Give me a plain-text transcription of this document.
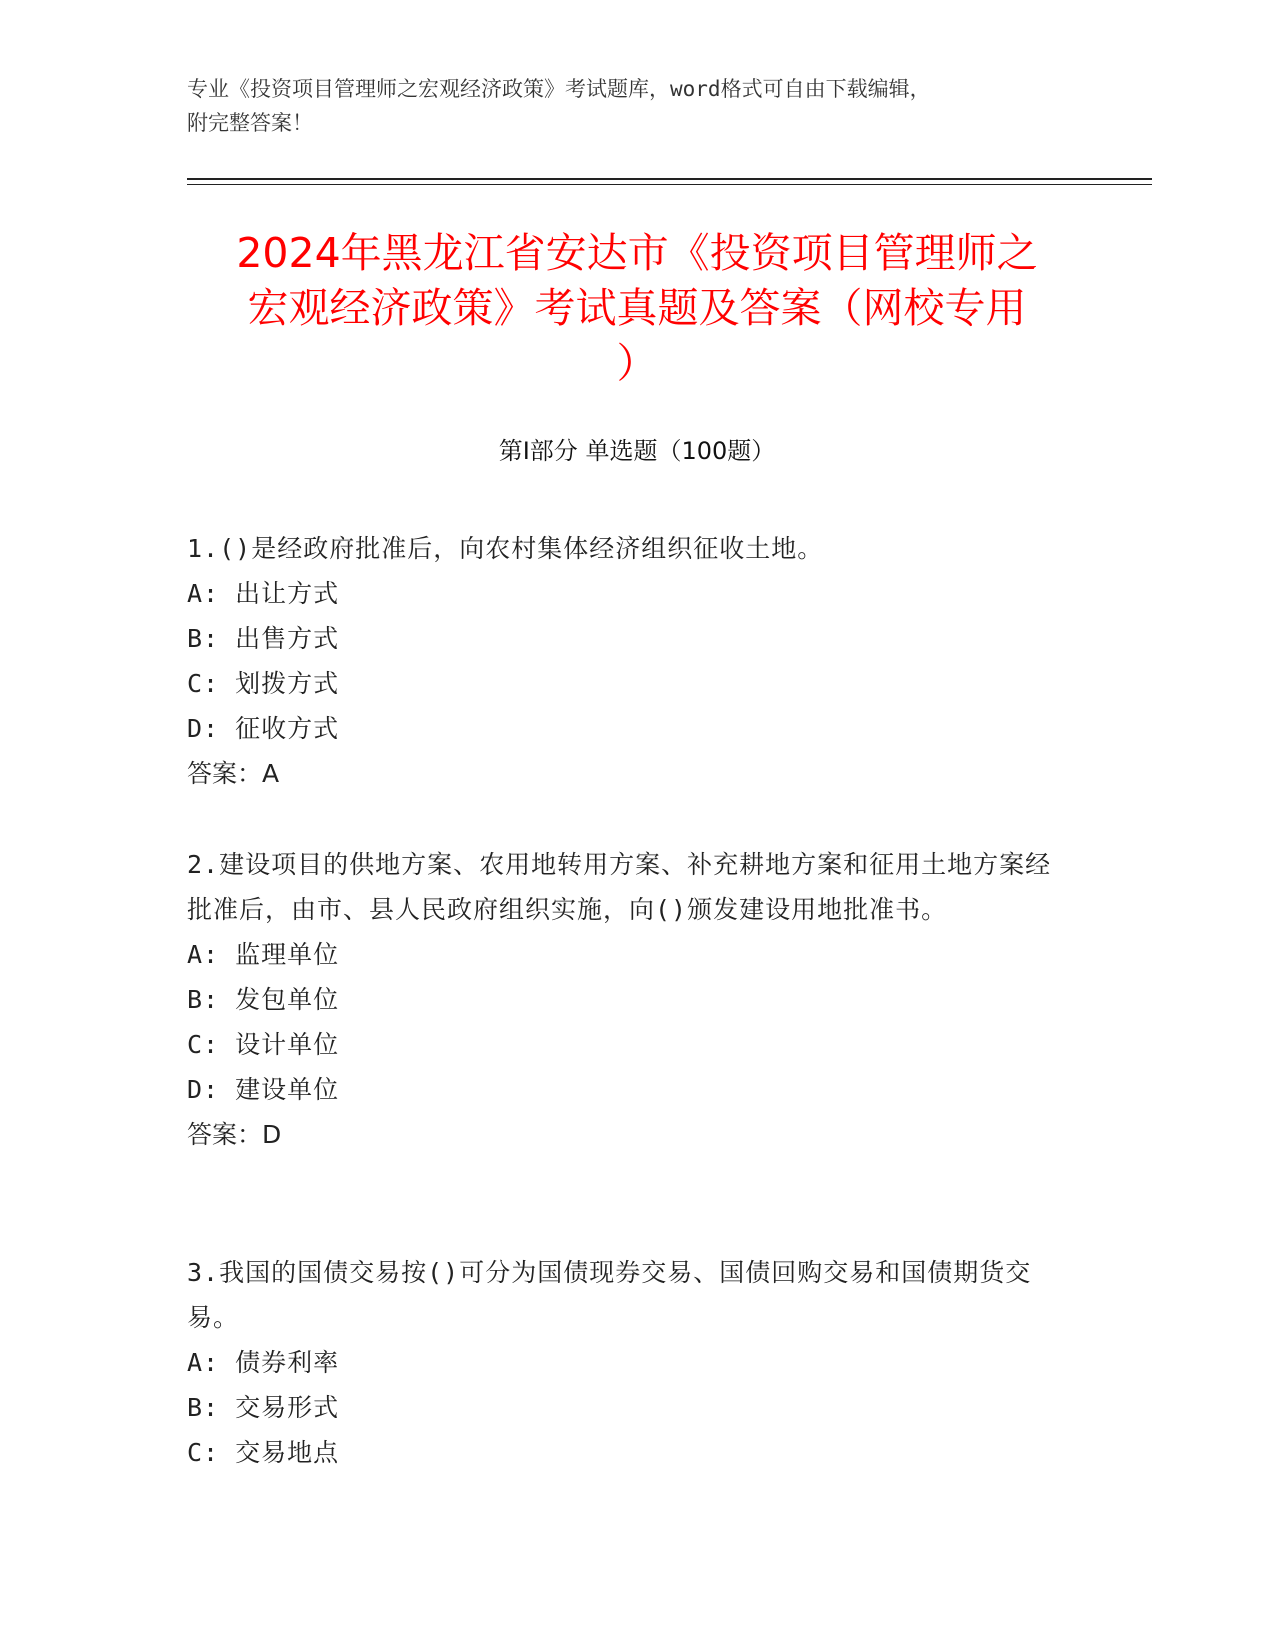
专业《投资项目管理师之宏观经济政策》考试题库，word格式可自由下载编辑，
附完整答案！
2024年黑龙江省安达市《投资项目管理师之
宏观经济政策》考试真题及答案（网校专用
）
第I部分 单选题（100题）
1.()是经政府批准后，向农村集体经济组织征收土地。
A: 出让方式
B: 出售方式
C: 划拨方式
D: 征收方式
答案：A
2.建设项目的供地方案、农用地转用方案、补充耕地方案和征用土地方案经批准后，由市、县人民政府组织实施，向()颁发建设用地批准书。
A: 监理单位
B: 发包单位
C: 设计单位
D: 建设单位
答案：D
3.我国的国债交易按()可分为国债现券交易、国债回购交易和国债期货交易。
A: 债券利率
B: 交易形式
C: 交易地点
